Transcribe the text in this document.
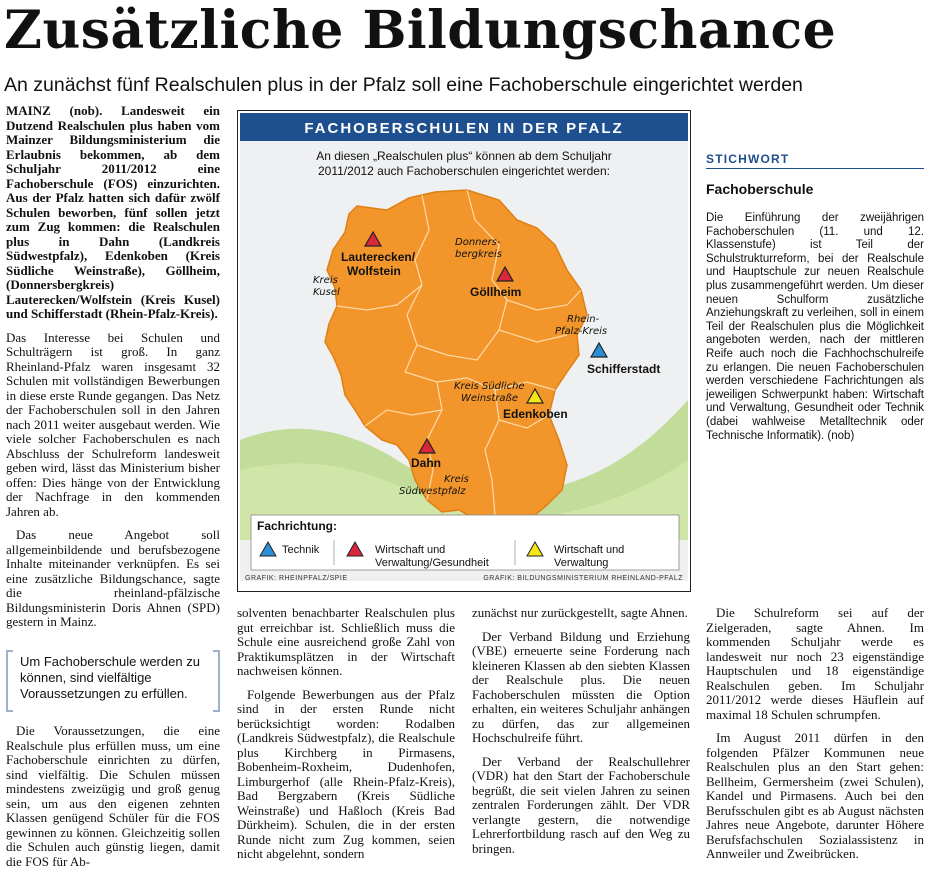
Zusätzliche Bildungschance
An zunächst fünf Realschulen plus in der Pfalz soll eine Fachoberschule eingerichtet werden

MAINZ (nob). Landesweit ein Dutzend Realschulen plus haben vom Mainzer Bildungsministerium die Erlaubnis bekommen, ab dem Schuljahr 2011/2012 eine Fachoberschule (FOS) einzurichten. Aus der Pfalz hatten sich dafür zwölf Schulen beworben, fünf sollen jetzt zum Zug kommen: die Realschulen plus in Dahn (Landkreis Südwestpfalz), Edenkoben (Kreis Südliche Weinstraße), Göllheim, (Donnersbergkreis) Lauterecken/Wolfstein (Kreis Kusel) und Schifferstadt (Rhein-Pfalz-Kreis).

Das Interesse bei Schulen und Schulträgern ist groß. In ganz Rheinland-Pfalz waren insgesamt 32 Schulen mit vollständigen Bewerbungen in diese erste Runde gegangen. Das Netz der Fachoberschulen soll in den Jahren nach 2011 weiter ausgebaut werden. Wie viele solcher Fachoberschulen es nach Abschluss der Schulreform landesweit geben wird, lässt das Ministerium bisher offen: Dies hänge von der Entwicklung der Nachfrage in den kommenden Jahren ab.

Das neue Angebot soll allgemeinbildende und berufsbezogene Inhalte miteinander verknüpfen. Es sei eine zusätzliche Bildungschance, sagte die rheinland-pfälzische Bildungsministerin Doris Ahnen (SPD) gestern in Mainz.

Um Fachoberschule werden zu können, sind vielfältige Voraussetzungen zu erfüllen.

Die Voraussetzungen, die eine Realschule plus erfüllen muss, um eine Fachoberschule einrichten zu dürfen, sind vielfältig. Die Schulen müssen mindestens zweizügig und groß genug sein, um aus den eigenen zehnten Klassen genügend Schüler für die FOS gewinnen zu können. Gleichzeitig sollen die Schulen auch günstig liegen, damit die FOS für Ab-

solventen benachbarter Realschulen plus gut erreichbar ist. Schließlich muss die Schule eine ausreichend große Zahl von Praktikumsplätzen in der Wirtschaft nachweisen können.

Folgende Bewerbungen aus der Pfalz sind in der ersten Runde nicht berücksichtigt worden: Rodalben (Landkreis Südwestpfalz), die Realschule plus Kirchberg in Pirmasens, Bobenheim-Roxheim, Dudenhofen, Limburgerhof (alle Rhein-Pfalz-Kreis), Bad Bergzabern (Kreis Südliche Weinstraße) und Haßloch (Kreis Bad Dürkheim). Schulen, die in der ersten Runde nicht zum Zug kommen, seien nicht abgelehnt, sondern

zunächst nur zurückgestellt, sagte Ahnen.

Der Verband Bildung und Erziehung (VBE) erneuerte seine Forderung nach kleineren Klassen ab den siebten Klassen der Realschule plus. Die neuen Fachoberschulen müssten die Option erhalten, ein weiteres Schuljahr anhängen zu dürfen, das zur allgemeinen Hochschulreife führt.

Der Verband der Realschullehrer (VDR) hat den Start der Fachoberschule begrüßt, die seit vielen Jahren zu seinen zentralen Forderungen zählt. Der VDR verlangte gestern, die notwendige Lehrerfortbildung rasch auf den Weg zu bringen.

Die Schulreform sei auf der Zielgeraden, sagte Ahnen. Im kommenden Schuljahr werde es landesweit nur noch 23 eigenständige Hauptschulen und 18 eigenständige Realschulen geben. Im Schuljahr 2011/2012 werde dieses Häuflein auf maximal 18 Schulen schrumpfen.

Im August 2011 dürfen in den folgenden Pfälzer Kommunen neue Realschulen plus an den Start gehen: Bellheim, Germersheim (zwei Schulen), Kandel und Pirmasens. Auch bei den Berufsschulen gibt es ab August nächsten Jahres neue Angebote, darunter Höhere Berufsfachschulen Sozialassistenz in Annweiler und Zweibrücken.

STICHWORT
Fachoberschule
Die Einführung der zweijährigen Fachoberschulen (11. und 12. Klassenstufe) ist Teil der Schulstrukturreform, bei der Realschule und Hauptschule zur neuen Realschule plus zusammengeführt werden. Um dieser neuen Schulform zusätzliche Anziehungskraft zu verleihen, soll in einem Teil der Realschulen plus die Möglichkeit angeboten werden, nach der mittleren Reife auch noch die Fachhochschulreife zu erlangen. Die neuen Fachoberschulen werden verschiedene Fachrichtungen als jeweiligen Schwerpunkt haben: Wirtschaft und Verwaltung, Gesundheit oder Technik (dabei wahlweise Metalltechnik oder Technische Informatik). (nob)
FACHOBERSCHULEN IN DER PFALZ
An diesen „Realschulen plus“ können ab dem Schuljahr
2011/2012 auch Fachoberschulen eingerichtet werden:
Kreis
Kusel
Donners-
bergkreis
Rhein-
Pfalz-Kreis
Kreis Südliche
Weinstraße
Kreis
Südwestpfalz
Lauterecken/
Wolfstein
Göllheim
Schifferstadt
Edenkoben
Dahn
Fachrichtung:
Technik	Wirtschaft und
Verwaltung/Gesundheit
Wirtschaft und
Verwaltung
GRAFIK: RHEINPFALZ/SPIE	GRAFIK: BILDUNGSMINISTERIUM RHEINLAND-PFALZ
